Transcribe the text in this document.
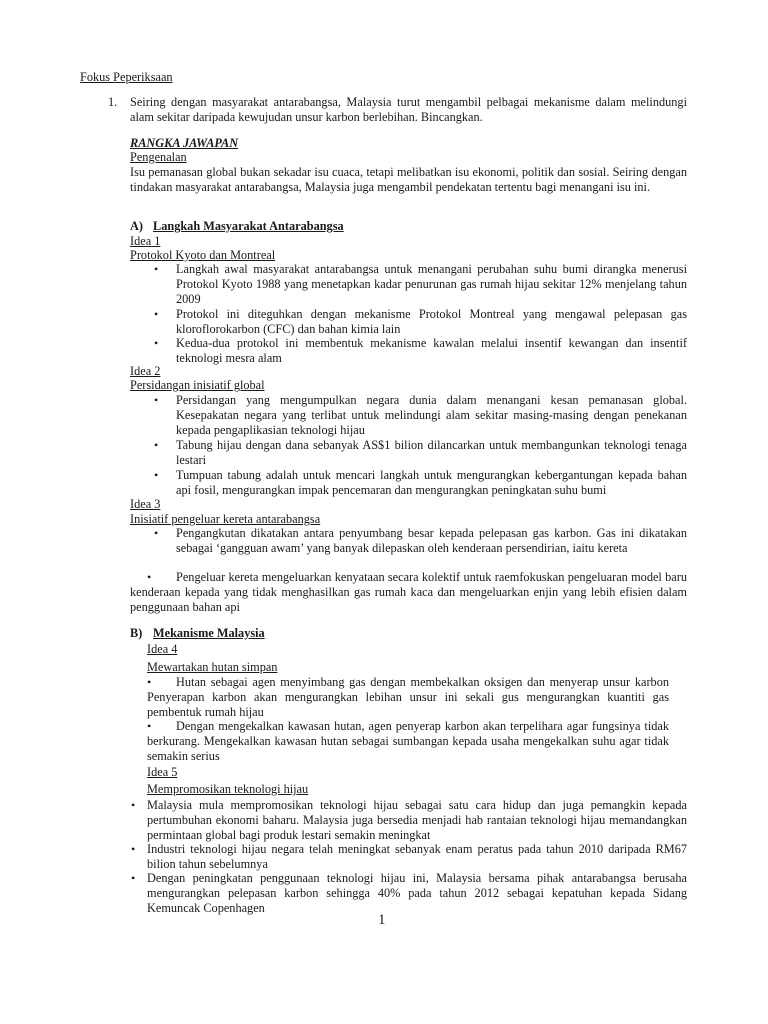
Fokus Peperiksaan
1. Seiring dengan masyarakat antarabangsa, Malaysia turut mengambil pelbagai mekanisme dalam melindungi alam sekitar daripada kewujudan unsur karbon berlebihan. Bincangkan.
RANGKA JAWAPAN
Pengenalan
Isu pemanasan global bukan sekadar isu cuaca, tetapi melibatkan isu ekonomi, politik dan sosial. Seiring dengan tindakan masyarakat antarabangsa, Malaysia juga mengambil pendekatan tertentu bagi menangani isu ini.
A) Langkah Masyarakat Antarabangsa
Idea 1
Protokol Kyoto dan Montreal
• Langkah awal masyarakat antarabangsa untuk menangani perubahan suhu bumi dirangka menerusi Protokol Kyoto 1988 yang menetapkan kadar penurunan gas rumah hijau sekitar 12% menjelang tahun 2009
• Protokol ini diteguhkan dengan mekanisme Protokol Montreal yang mengawal pelepasan gas kloroflorokarbon (CFC) dan bahan kimia lain
• Kedua-dua protokol ini membentuk mekanisme kawalan melalui insentif kewangan dan insentif teknologi mesra alam
Idea 2
Persidangan inisiatif global
• Persidangan yang mengumpulkan negara dunia dalam menangani kesan pemanasan global. Kesepakatan negara yang terlibat untuk melindungi alam sekitar masing-masing dengan penekanan kepada pengaplikasian teknologi hijau
• Tabung hijau dengan dana sebanyak AS$1 bilion dilancarkan untuk membangunkan teknologi tenaga lestari
• Tumpuan tabung adalah untuk mencari langkah untuk mengurangkan kebergantungan kepada bahan api fosil, mengurangkan impak pencemaran dan mengurangkan peningkatan suhu bumi
Idea 3
Inisiatif pengeluar kereta antarabangsa
• Pengangkutan dikatakan antara penyumbang besar kepada pelepasan gas karbon. Gas ini dikatakan sebagai ‘gangguan awam’ yang banyak dilepaskan oleh kenderaan persendirian, iaitu kereta
•	Pengeluar kereta mengeluarkan kenyataan secara kolektif untuk raemfokuskan pengeluaran model baru kenderaan kepada yang tidak menghasilkan gas rumah kaca dan mengeluarkan enjin yang lebih efisien dalam penggunaan bahan api
B) Mekanisme Malaysia
Idea 4
Mewartakan hutan simpan
•	Hutan sebagai agen menyimbang gas dengan membekalkan oksigen dan menyerap unsur karbon Penyerapan karbon akan mengurangkan lebihan unsur ini sekali gus mengurangkan kuantiti gas pembentuk rumah hijau
•	Dengan mengekalkan kawasan hutan, agen penyerap karbon akan terpelihara agar fungsinya tidak berkurang. Mengekalkan kawasan hutan sebagai sumbangan kepada usaha mengekalkan suhu agar tidak semakin serius
Idea 5
Mempromosikan teknologi hijau
• Malaysia mula mempromosikan teknologi hijau sebagai satu cara hidup dan juga pemangkin kepada pertumbuhan ekonomi baharu. Malaysia juga bersedia menjadi hab rantaian teknologi hijau memandangkan permintaan global bagi produk lestari semakin meningkat
• Industri teknologi hijau negara telah meningkat sebanyak enam peratus pada tahun 2010 daripada RM67 bilion tahun sebelumnya
• Dengan peningkatan penggunaan teknologi hijau ini, Malaysia bersama pihak antarabangsa berusaha mengurangkan pelepasan karbon sehingga 40% pada tahun 2012 sebagai kepatuhan kepada Sidang Kemuncak Copenhagen
1
